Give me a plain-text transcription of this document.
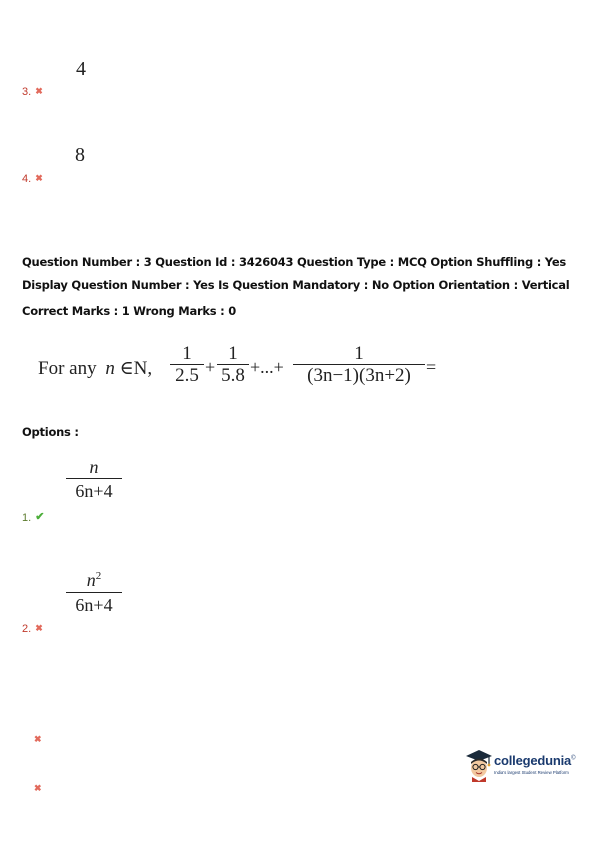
4
3. ✖
8
4. ✖
Question Number : 3 Question Id : 3426043 Question Type : MCQ Option Shuffling : Yes
Display Question Number : Yes Is Question Mandatory : No Option Orientation : Vertical
Correct Marks : 1 Wrong Marks : 0
For any n ∈N,
1
2.5 +
1
5.8 +...+
1
(3n−1)(3n+2) =
Options :
n
6n+4
1. ✔
$n^2$
6n+4
2. ✖
✖
✖
collegedunia©
India's largest Student Review Platform
